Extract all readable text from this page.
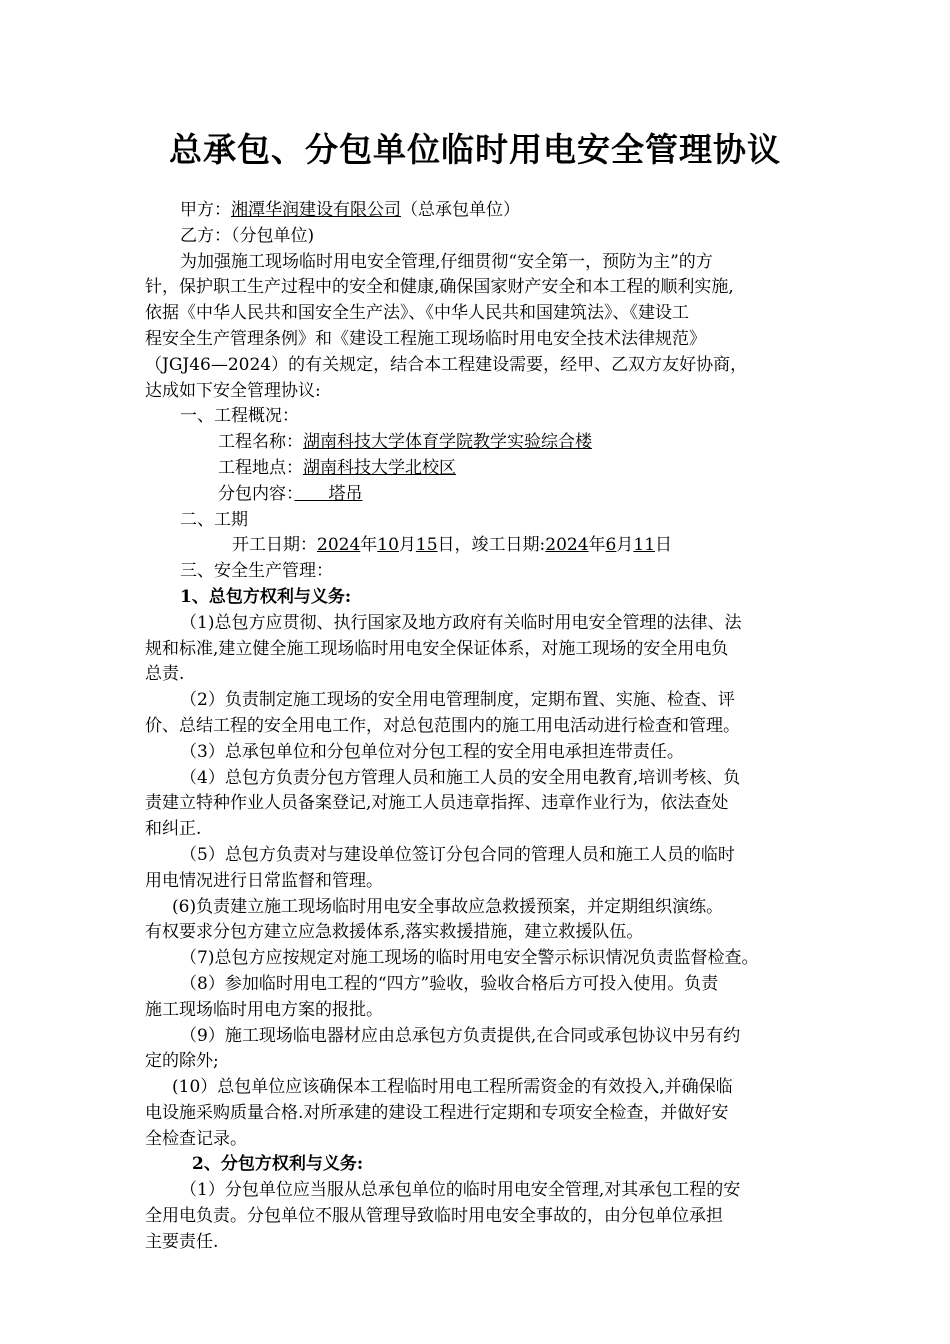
总承包、分包单位临时用电安全管理协议

甲方：湘潭华润建设有限公司（总承包单位）

乙方：（分包单位)

为加强施工现场临时用电安全管理,仔细贯彻“安全第一，预防为主”的方

针，保护职工生产过程中的安全和健康,确保国家财产安全和本工程的顺利实施,

依据《中华人民共和国安全生产法》、《中华人民共和国建筑法》、《建设工

程安全生产管理条例》和《建设工程施工现场临时用电安全技术法律规范》

（JGJ46—2024）的有关规定，结合本工程建设需要，经甲、乙双方友好协商，

达成如下安全管理协议:

一、工程概况：

工程名称：湖南科技大学体育学院教学实验综合楼

工程地点：湖南科技大学北校区

分包内容：　　塔吊

二、工期

开工日期：2024年10月15日，竣工日期:2024年6月11日

三、安全生产管理：

1、总包方权利与义务:

（1)总包方应贯彻、执行国家及地方政府有关临时用电安全管理的法律、法

规和标准,建立健全施工现场临时用电安全保证体系，对施工现场的安全用电负

总责.

（2）负责制定施工现场的安全用电管理制度，定期布置、实施、检查、评

价、总结工程的安全用电工作，对总包范围内的施工用电活动进行检查和管理。

（3）总承包单位和分包单位对分包工程的安全用电承担连带责任。

（4）总包方负责分包方管理人员和施工人员的安全用电教育,培训考核、负

责建立特种作业人员备案登记,对施工人员违章指挥、违章作业行为，依法查处

和纠正.

（5）总包方负责对与建设单位签订分包合同的管理人员和施工人员的临时

用电情况进行日常监督和管理。

(6)负责建立施工现场临时用电安全事故应急救援预案，并定期组织演练。

有权要求分包方建立应急救援体系,落实救援措施，建立救援队伍。

（7)总包方应按规定对施工现场的临时用电安全警示标识情况负责监督检查。

（8）参加临时用电工程的“四方”验收，验收合格后方可投入使用。负责

施工现场临时用电方案的报批。

（9）施工现场临电器材应由总承包方负责提供,在合同或承包协议中另有约

定的除外;

(10）总包单位应该确保本工程临时用电工程所需资金的有效投入,并确保临

电设施采购质量合格.对所承建的建设工程进行定期和专项安全检查，并做好安

全检查记录。

2、分包方权利与义务:

（1）分包单位应当服从总承包单位的临时用电安全管理,对其承包工程的安

全用电负责。分包单位不服从管理导致临时用电安全事故的，由分包单位承担

主要责任.
